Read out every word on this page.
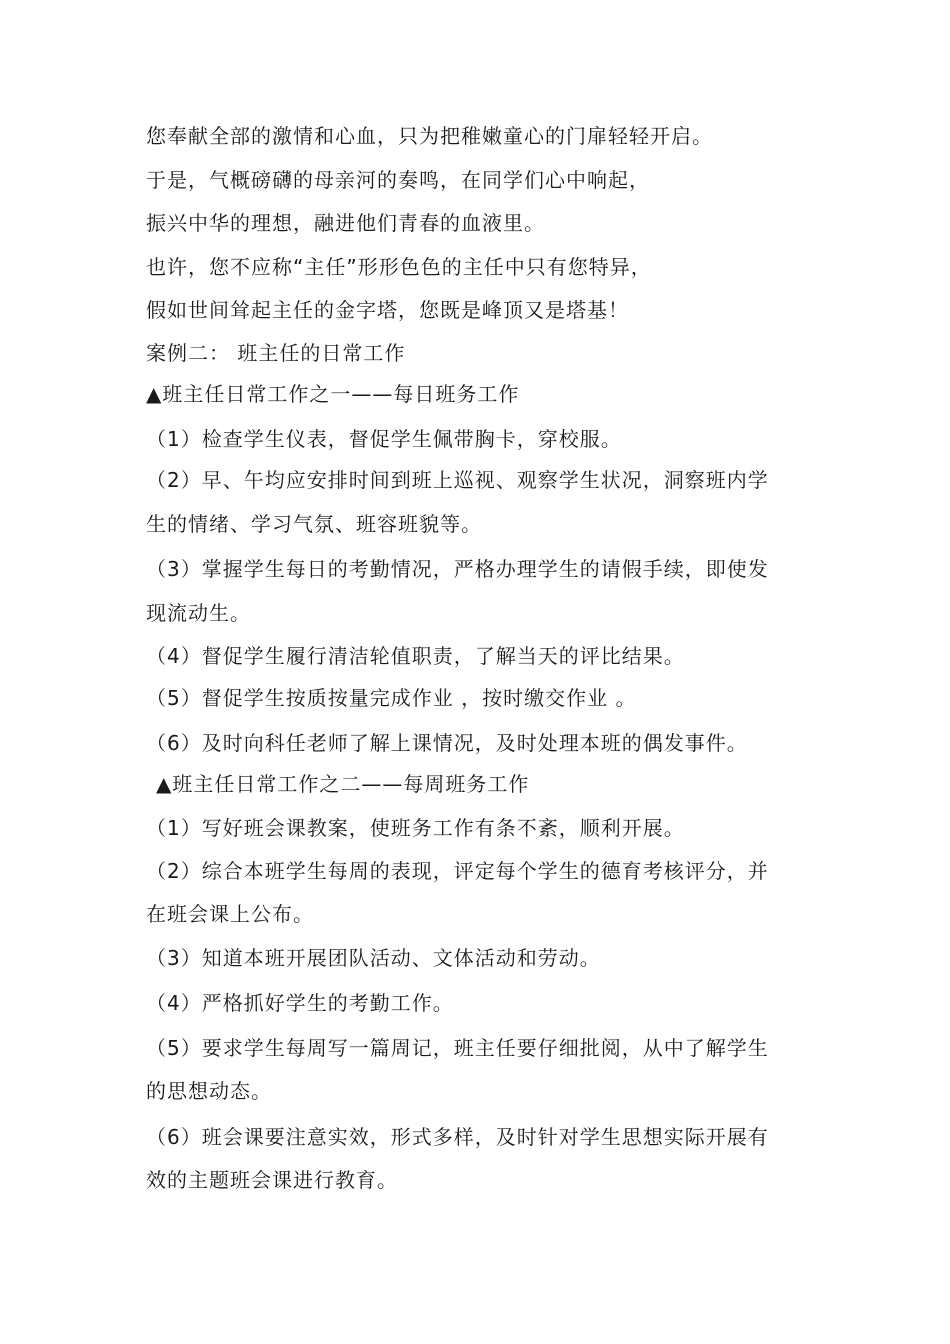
您奉献全部的激情和心血，只为把稚嫩童心的门扉轻轻开启。
于是，气概磅礴的母亲河的奏鸣，在同学们心中响起，
振兴中华的理想，融进他们青春的血液里。
也许，您不应称“主任”形形色色的主任中只有您特异，
假如世间耸起主任的金字塔，您既是峰顶又是塔基！
案例二： 班主任的日常工作
▲班主任日常工作之一——每日班务工作
（1）检查学生仪表，督促学生佩带胸卡，穿校服。
（2）早、午均应安排时间到班上巡视、观察学生状况，洞察班内学
生的情绪、学习气氛、班容班貌等。
（3）掌握学生每日的考勤情况，严格办理学生的请假手续，即使发
现流动生。
（4）督促学生履行清洁轮值职责，了解当天的评比结果。
（5）督促学生按质按量完成作业 ，按时缴交作业 。
（6）及时向科任老师了解上课情况，及时处理本班的偶发事件。
▲班主任日常工作之二——每周班务工作
（1）写好班会课教案，使班务工作有条不紊，顺利开展。
（2）综合本班学生每周的表现，评定每个学生的德育考核评分，并
在班会课上公布。
（3）知道本班开展团队活动、文体活动和劳动。
（4）严格抓好学生的考勤工作。
（5）要求学生每周写一篇周记，班主任要仔细批阅，从中了解学生
的思想动态。
（6）班会课要注意实效，形式多样，及时针对学生思想实际开展有
效的主题班会课进行教育。
